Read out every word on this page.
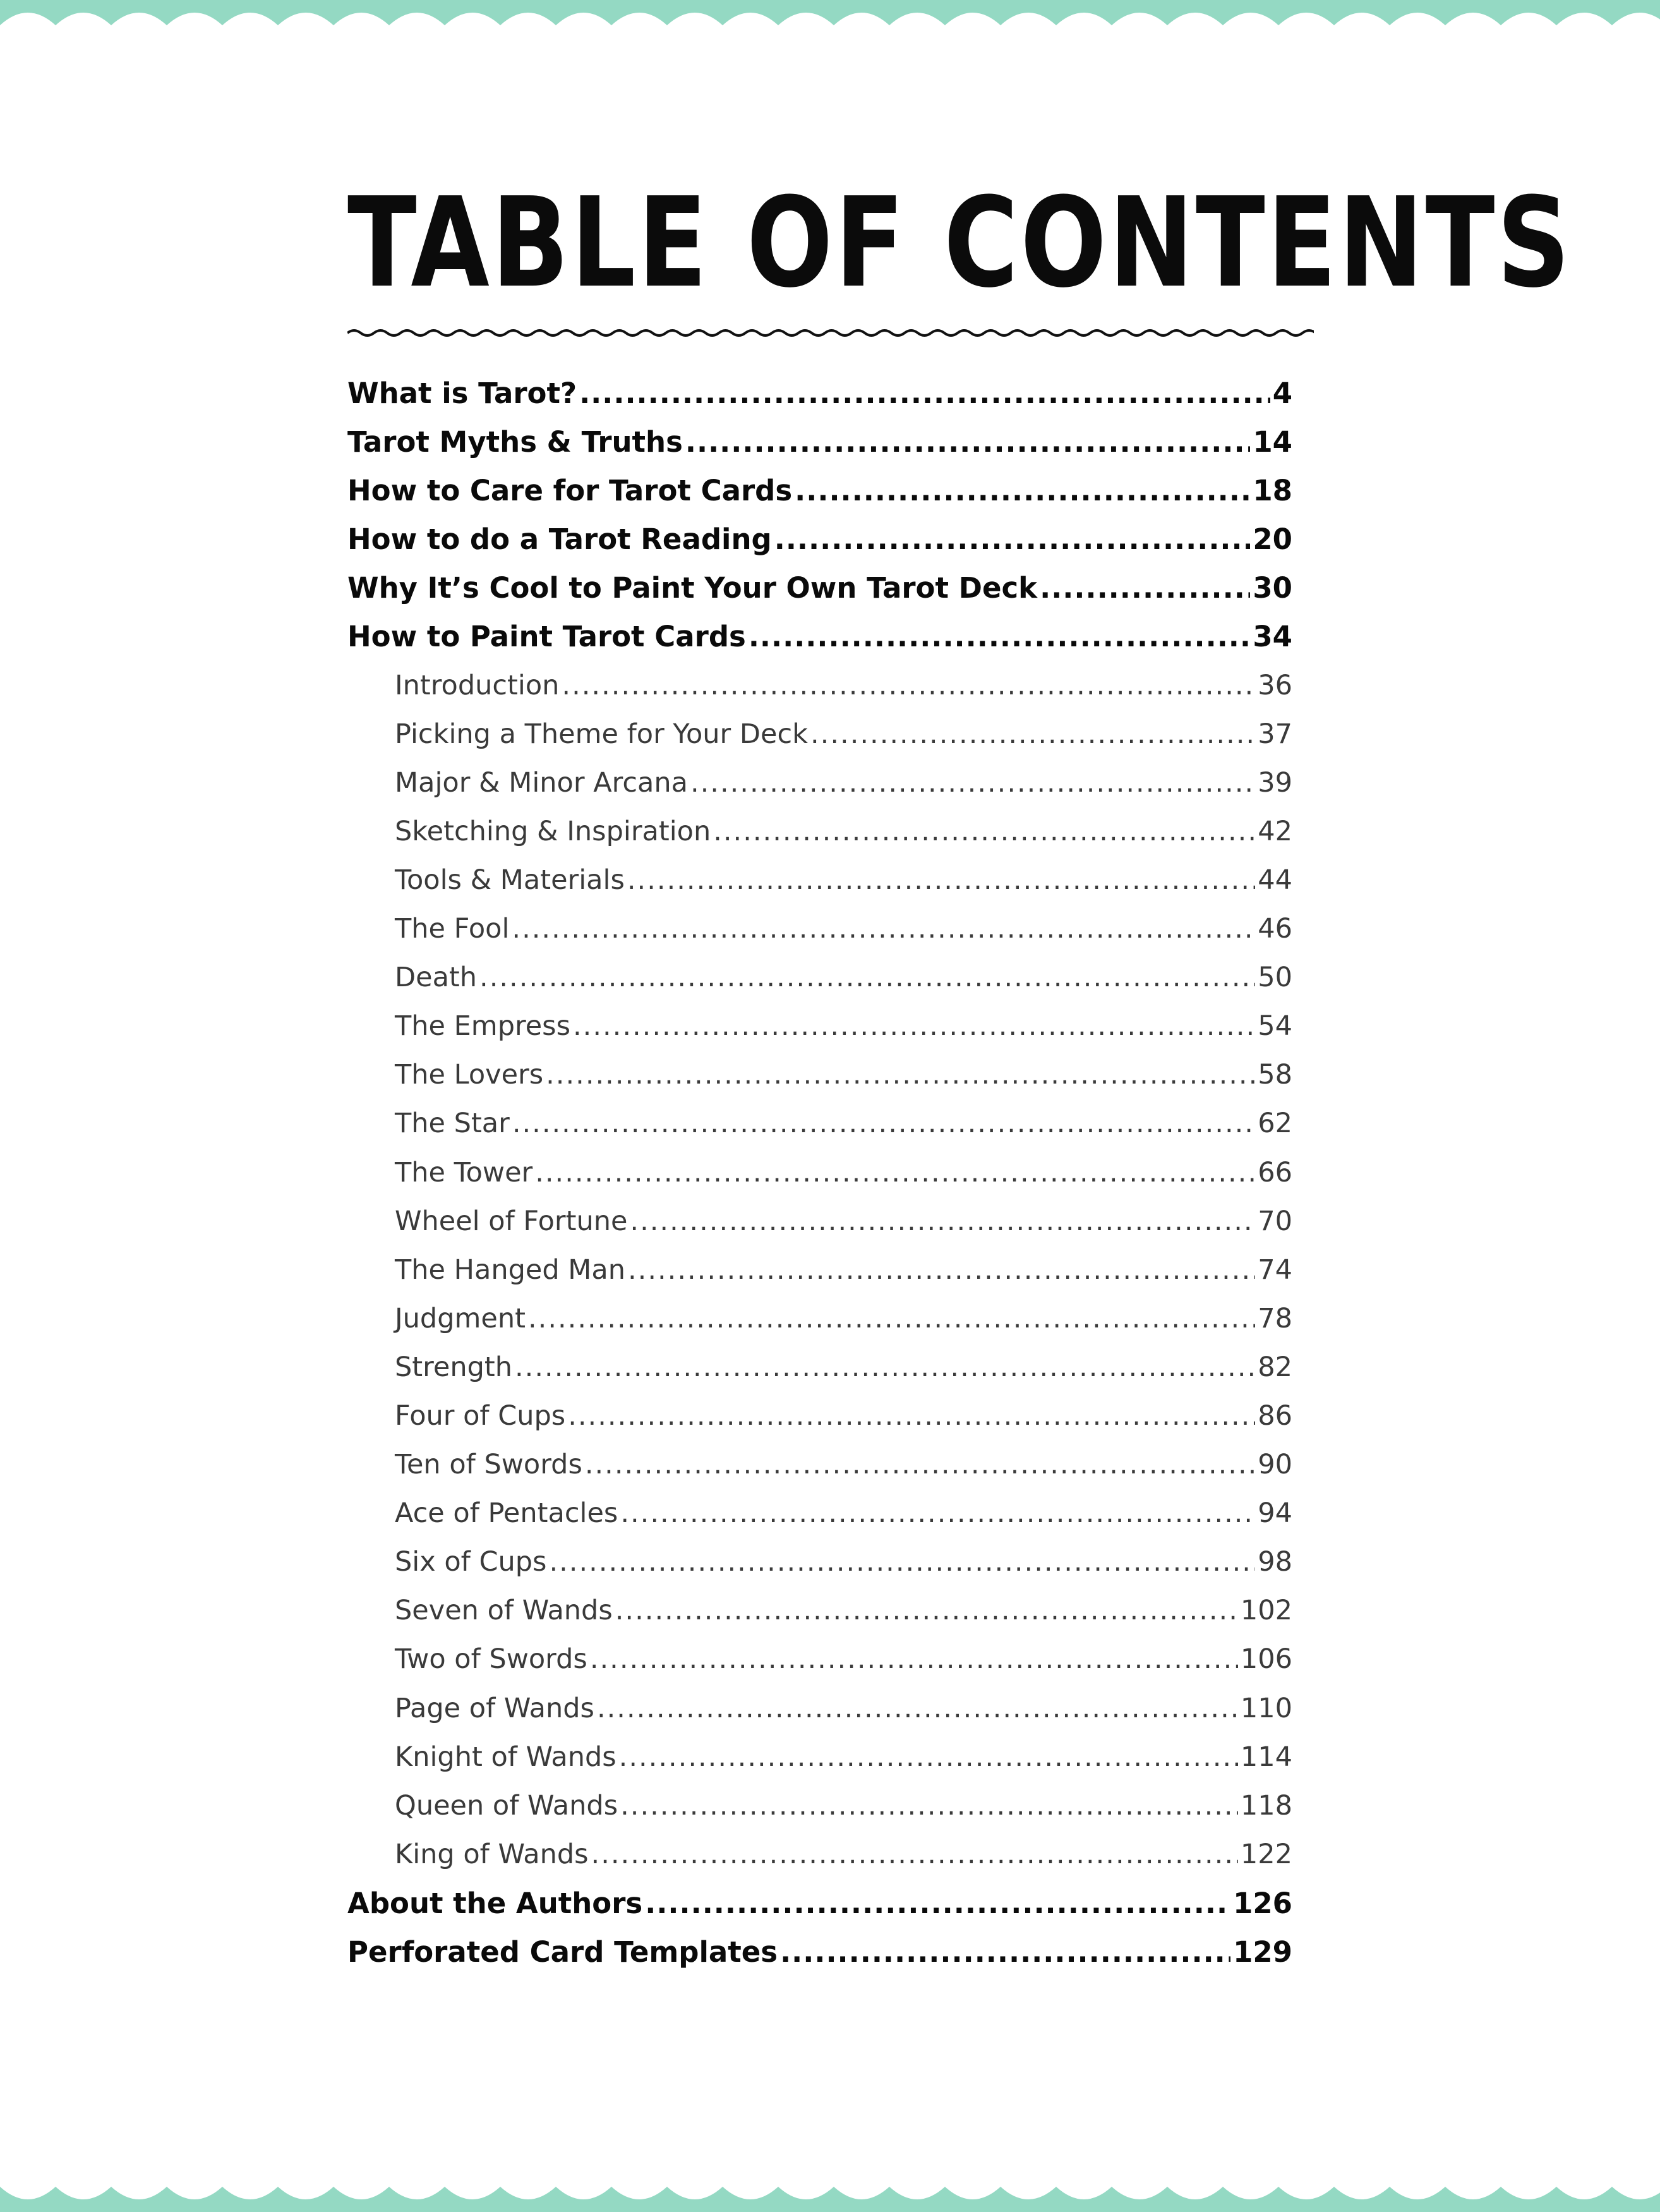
TABLE OF CONTENTS
What is Tarot? .....	4
Tarot Myths & Truths .....	14
How to Care for Tarot Cards .....	18
How to do a Tarot Reading .....	20
Why It’s Cool to Paint Your Own Tarot Deck .....	30
How to Paint Tarot Cards .....	34
Introduction .....	36
Picking a Theme for Your Deck .....	37
Major & Minor Arcana .....	39
Sketching & Inspiration .....	42
Tools & Materials .....	44
The Fool .....	46
Death .....	50
The Empress .....	54
The Lovers .....	58
The Star .....	62
The Tower .....	66
Wheel of Fortune .....	70
The Hanged Man .....	74
Judgment .....	78
Strength .....	82
Four of Cups .....	86
Ten of Swords .....	90
Ace of Pentacles .....	94
Six of Cups .....	98
Seven of Wands .....	102
Two of Swords .....	106
Page of Wands .....	110
Knight of Wands .....	114
Queen of Wands .....	118
King of Wands .....	122
About the Authors .....	126
Perforated Card Templates .....	129
